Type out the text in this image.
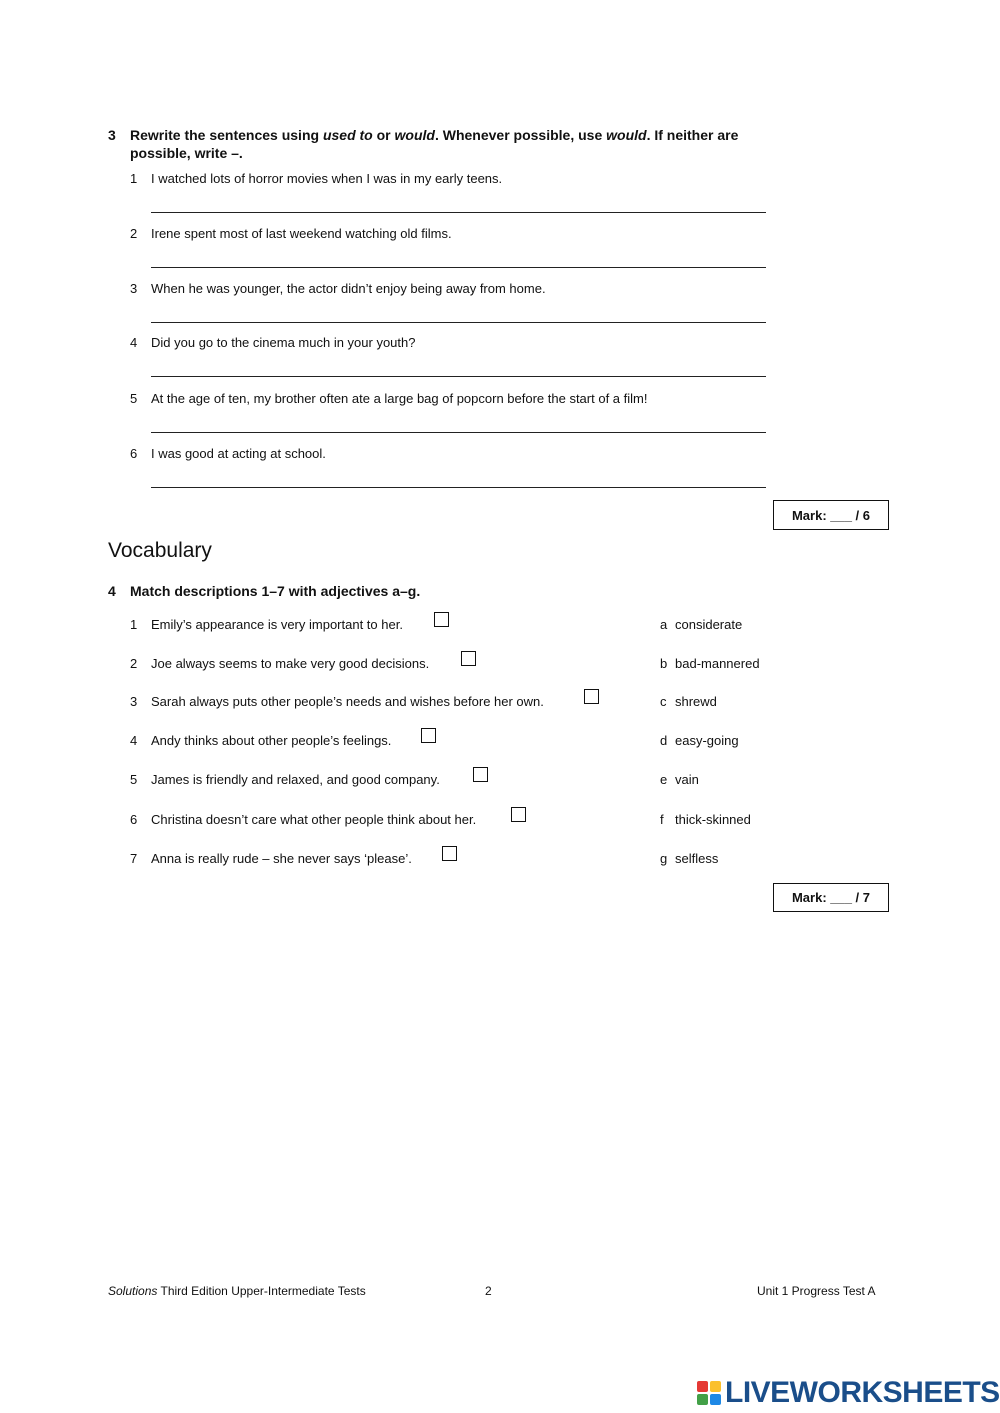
3 Rewrite the sentences using used to or would. Whenever possible, use would. If neither are
possible, write –.
1 I watched lots of horror movies when I was in my early teens.
2 Irene spent most of last weekend watching old films.
3 When he was younger, the actor didn’t enjoy being away from home.
4 Did you go to the cinema much in your youth?
5 At the age of ten, my brother often ate a large bag of popcorn before the start of a film!
6 I was good at acting at school.
Mark: ___ / 6
Vocabulary
4 Match descriptions 1–7 with adjectives a–g.
1 Emily’s appearance is very important to her.
2 Joe always seems to make very good decisions.
3 Sarah always puts other people’s needs and wishes before her own.
4 Andy thinks about other people’s feelings.
5 James is friendly and relaxed, and good company.
6 Christina doesn’t care what other people think about her.
7 Anna is really rude – she never says ‘please’.
a considerate
b bad-mannered
c shrewd
d easy-going
e vain
f thick-skinned
g selfless
Mark: ___ / 7
Solutions Third Edition Upper-Intermediate Tests	2	Unit 1 Progress Test A
LIVEWORKSHEETS
